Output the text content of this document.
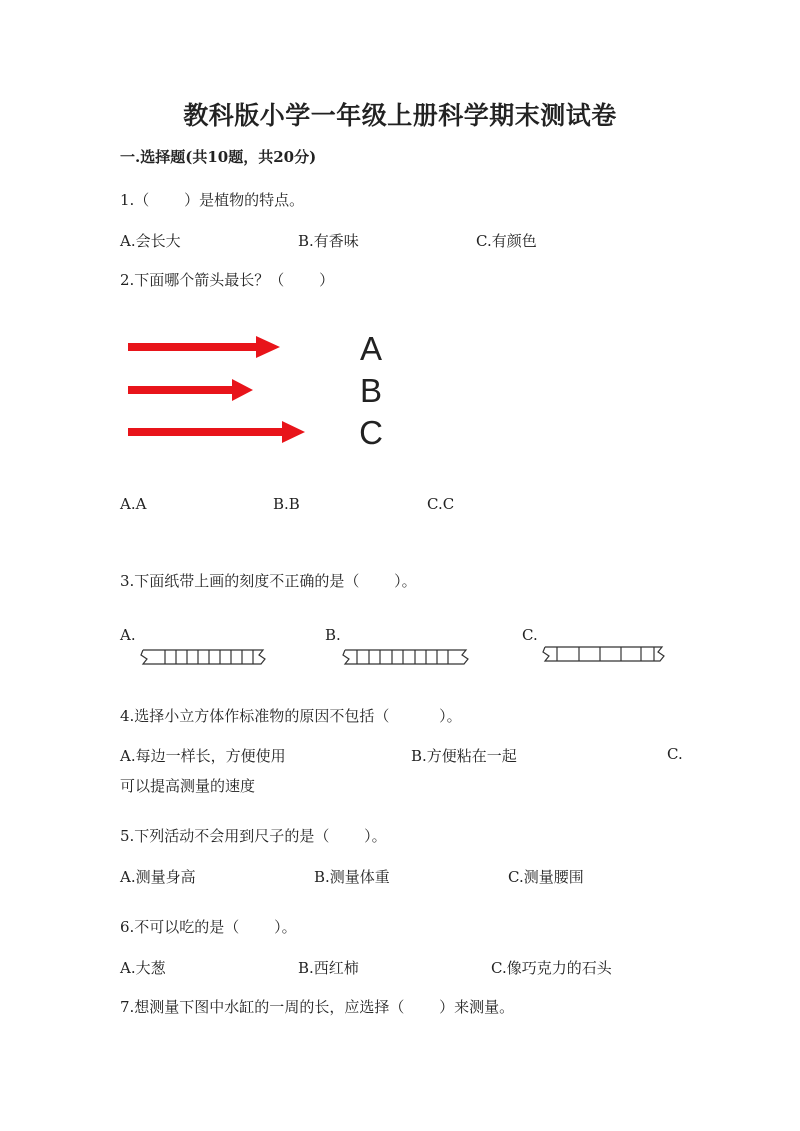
教科版小学一年级上册科学期末测试卷
一.选择题(共10题，共20分)
1.（　　 ）是植物的特点。
A.会长大	B.有香味	C.有颜色
2.下面哪个箭头最长？（　　 ）
A
B
C
A.A	B.B	C.C
3.下面纸带上画的刻度不正确的是（　　 ）。
A.	B.	C.
4.选择小立方体作标准物的原因不包括（　　　 ）。
A.每边一样长，方便使用	B.方便粘在一起	C.
可以提高测量的速度
5.下列活动不会用到尺子的是（　　 ）。
A.测量身高	B.测量体重	C.测量腰围
6.不可以吃的是（　　 ）。
A.大葱	B.西红柿	C.像巧克力的石头
7.想测量下图中水缸的一周的长，应选择（　　 ）来测量。
